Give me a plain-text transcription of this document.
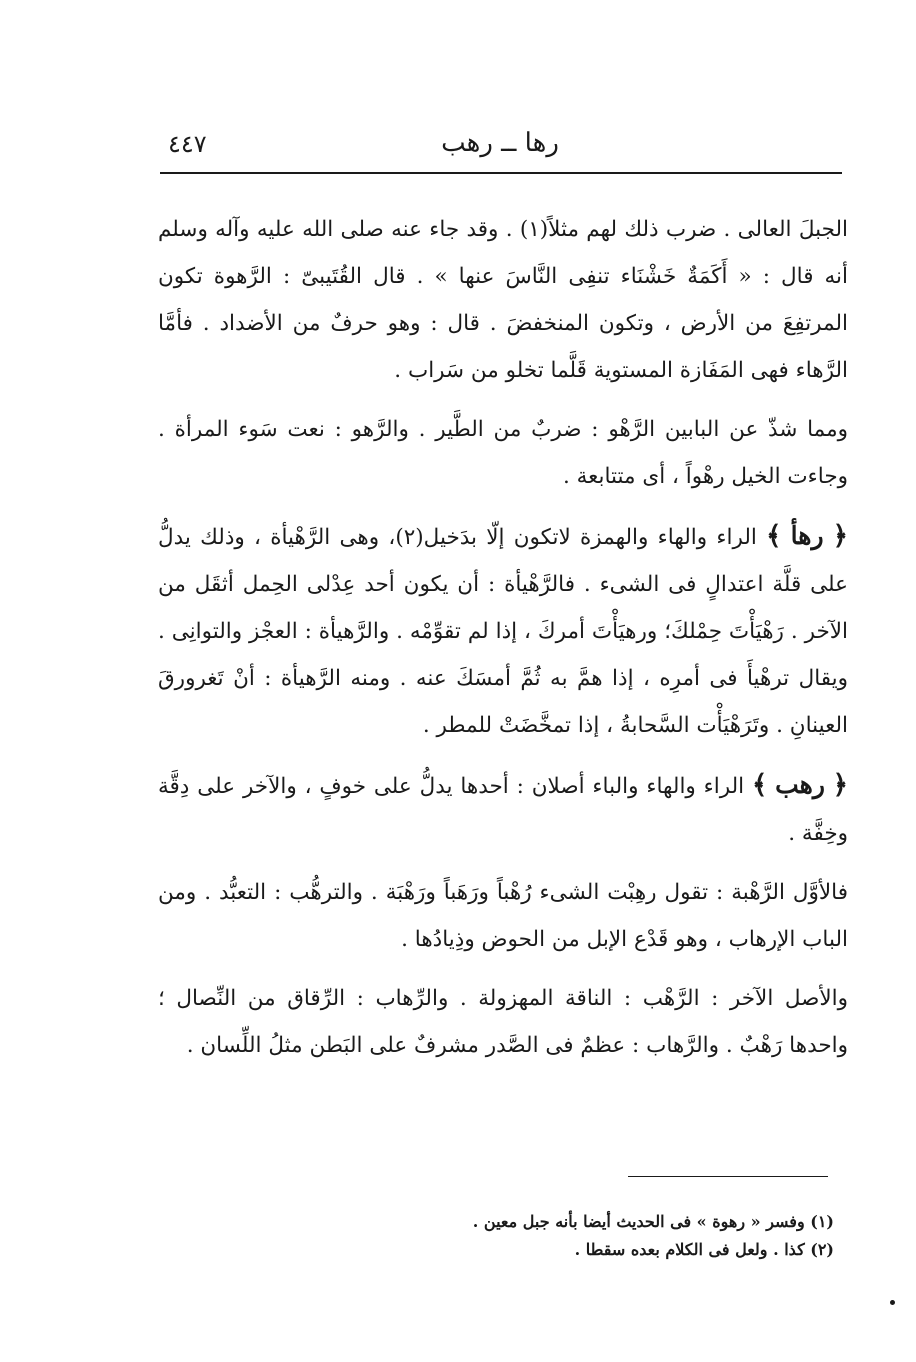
رها ــ رهب
٤٤٧

الجبلَ العالى . ضرب ذلك لهم مثلاً(١) . وقد جاء عنه صلى الله عليه وآله وسلم أنه قال : « أَكَمَةٌ خَشْنَاء تنفِى النَّاسَ عنها » . قال القُتَيبىّ : الرَّهوة تكون المرتفِعَ من الأرض ، وتكون المنخفضَ . قال : وهو حرفٌ من الأضداد . فأمَّا الرَّهاء فهى المَفَازة المستوية قَلَّما تخلو من سَراب .

ومما شذّ عن البابين الرَّهْو : ضربٌ من الطَّير . والرَّهو : نعت سَوء المرأة . وجاءت الخيل رهْواً ، أى متتابعة .

﴿ رهأ ﴾ الراء والهاء والهمزة لاتكون إلّا بدَخيل(٢)، وهى الرَّهْيأة ، وذلك يدلُّ على قلَّة اعتدالٍ فى الشىء . فالرَّهْيأة : أن يكون أحد عِدْلى الحِمل أثقَل من الآخر . رَهْيَأْتَ حِمْلكَ؛ ورهيَأْتَ أمركَ ، إذا لم تقوِّمْه . والرَّهيأة : العجْز والتوانِى . ويقال ترهْيأَ فى أمرِه ، إذا همَّ به ثُمَّ أمسَكَ عنه . ومنه الرَّهيأة : أنْ تَغرورقَ العينانِ . وتَرَهْيَأْت السَّحابةُ ، إذا تمخَّضَتْ للمطر .

﴿ رهب ﴾ الراء والهاء والباء أصلان : أحدها يدلُّ على خوفٍ ، والآخر على دِقَّة وخِفَّة .

فالأوَّل الرَّهْبة : تقول رهِبْت الشىء رُهْباً ورَهَباً ورَهْبَة . والترهُّب : التعبُّد . ومن الباب الإرهاب ، وهو قَدْع الإبل من الحوض وذِيادُها .

والأصل الآخر : الرَّهْب : الناقة المهزولة . والرِّهاب : الرِّقاق من النِّصال ؛ واحدها رَهْبٌ . والرَّهاب : عظمٌ فى الصَّدر مشرفٌ على البَطن مثلُ اللِّسان .

(١) وفسر « رهوة » فى الحديث أيضا بأنه جبل معين .

(٢) كذا . ولعل فى الكلام بعده سقطا .
